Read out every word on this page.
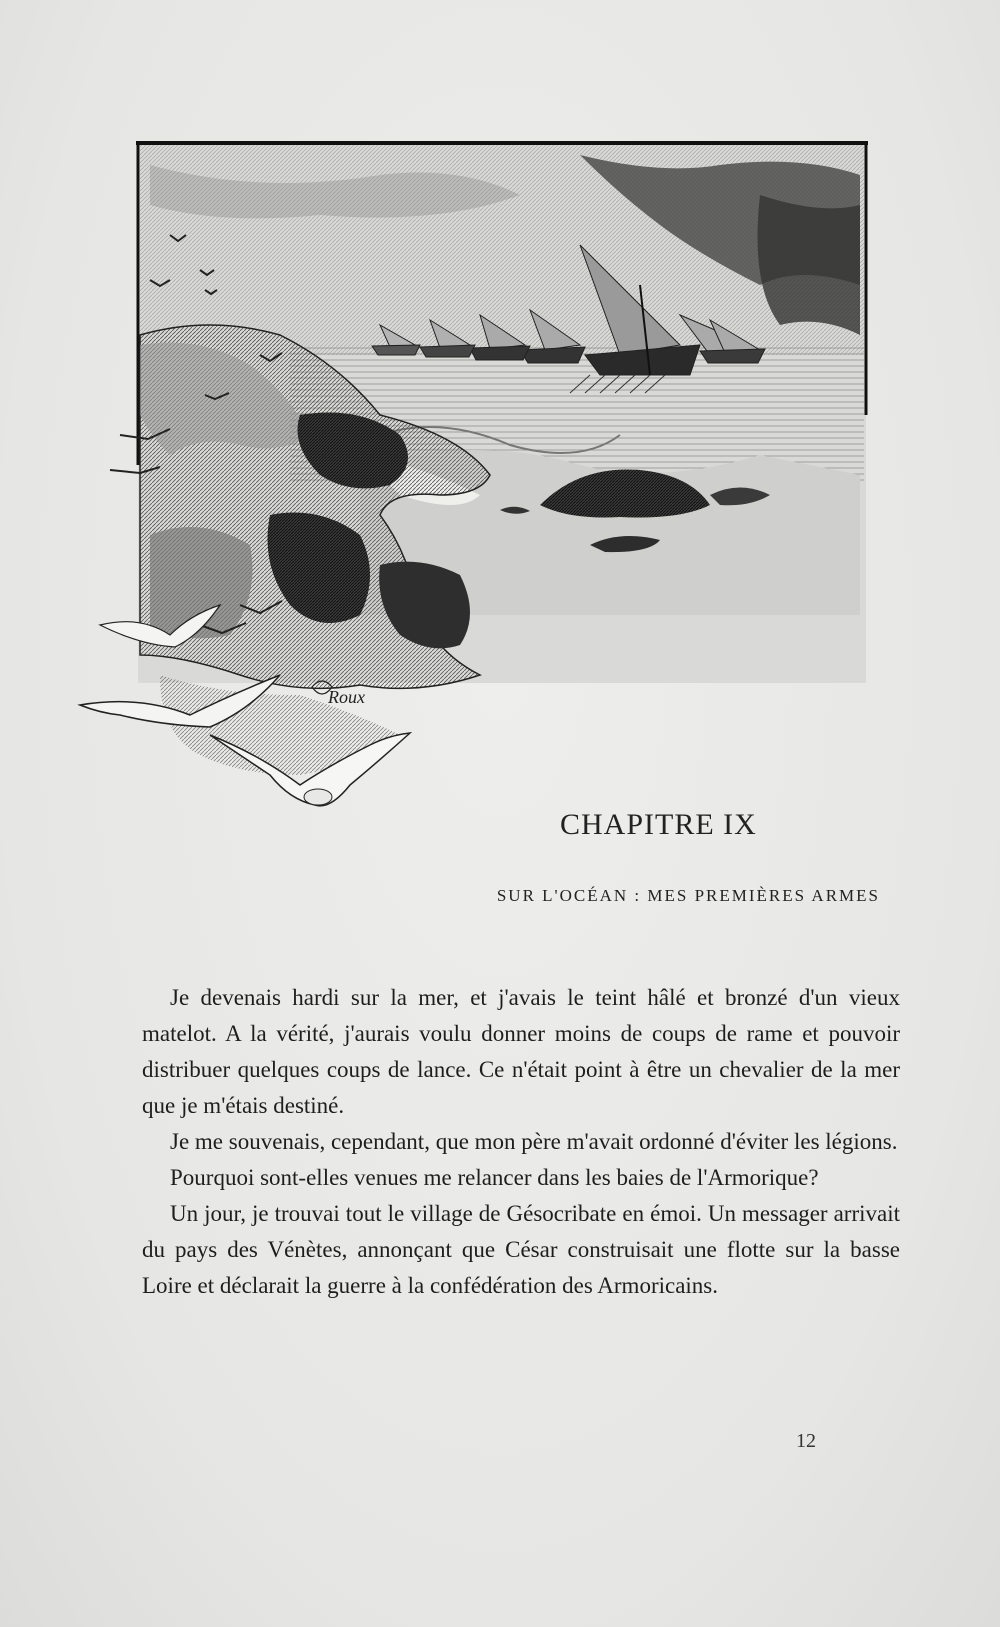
Roux
CHAPITRE IX
SUR L'OCÉAN : MES PREMIÈRES ARMES

Je devenais hardi sur la mer, et j'avais le teint hâlé et bronzé d'un vieux matelot. A la vérité, j'aurais voulu donner moins de coups de rame et pouvoir distribuer quelques coups de lance. Ce n'était point à être un chevalier de la mer que je m'étais destiné.

Je me souvenais, cependant, que mon père m'avait ordonné d'éviter les légions.

Pourquoi sont-elles venues me relancer dans les baies de l'Armorique?

Un jour, je trouvai tout le village de Gésocribate en émoi. Un messager arrivait du pays des Vénètes, annonçant que César construisait une flotte sur la basse Loire et déclarait la guerre à la confédération des Armoricains.

12
